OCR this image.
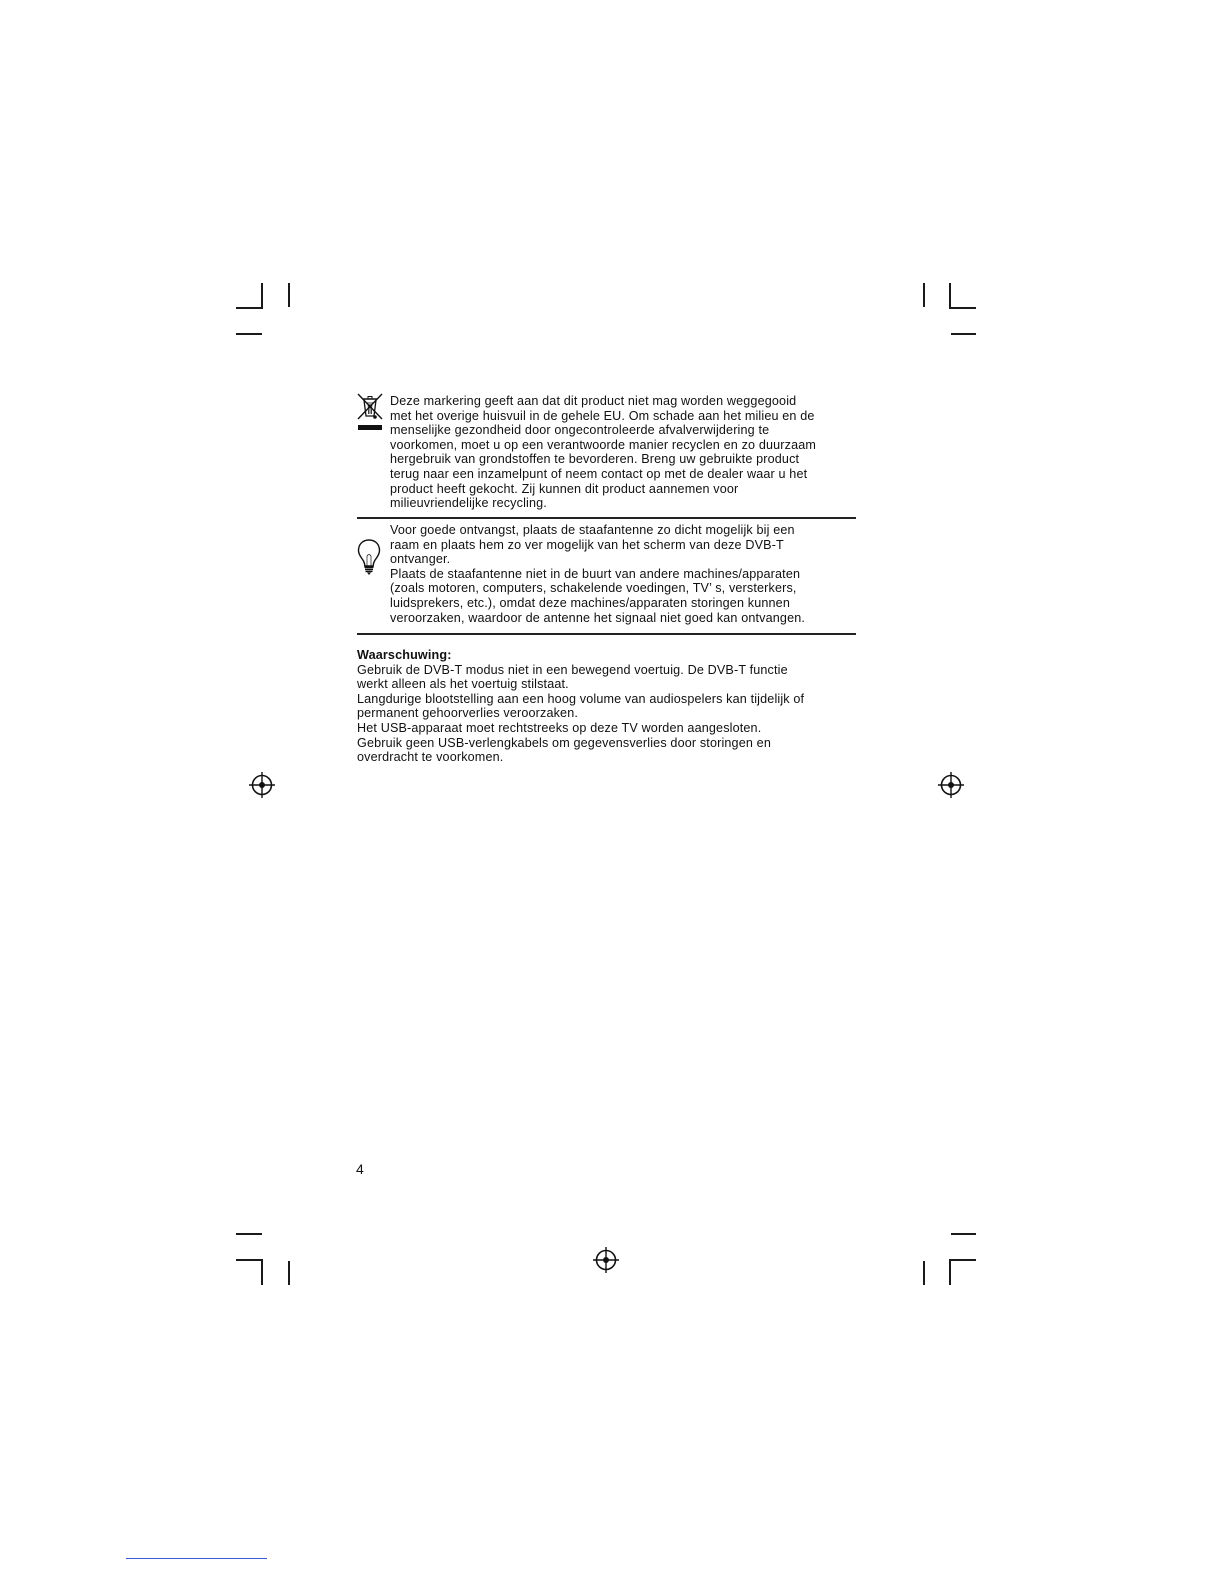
Deze markering geeft aan dat dit product niet mag worden weggegooid
met het overige huisvuil in de gehele EU. Om schade aan het milieu en de
menselijke gezondheid door ongecontroleerde afvalverwijdering te
voorkomen, moet u op een verantwoorde manier recyclen en zo duurzaam
hergebruik van grondstoffen te bevorderen. Breng uw gebruikte product
terug naar een inzamelpunt of neem contact op met de dealer waar u het
product heeft gekocht. Zij kunnen dit product aannemen voor
milieuvriendelijke recycling.
Voor goede ontvangst, plaats de staafantenne zo dicht mogelijk bij een
raam en plaats hem zo ver mogelijk van het scherm van deze DVB-T
ontvanger.
Plaats de staafantenne niet in de buurt van andere machines/apparaten
(zoals motoren, computers, schakelende voedingen, TV’ s, versterkers,
luidsprekers, etc.), omdat deze machines/apparaten storingen kunnen
veroorzaken, waardoor de antenne het signaal niet goed kan ontvangen.
Waarschuwing:
Gebruik de DVB-T modus niet in een bewegend voertuig. De DVB-T functie
werkt alleen als het voertuig stilstaat.
Langdurige blootstelling aan een hoog volume van audiospelers kan tijdelijk of
permanent gehoorverlies veroorzaken.
Het USB-apparaat moet rechtstreeks op deze TV worden aangesloten.
Gebruik geen USB-verlengkabels om gegevensverlies door storingen en
overdracht te voorkomen.
4
